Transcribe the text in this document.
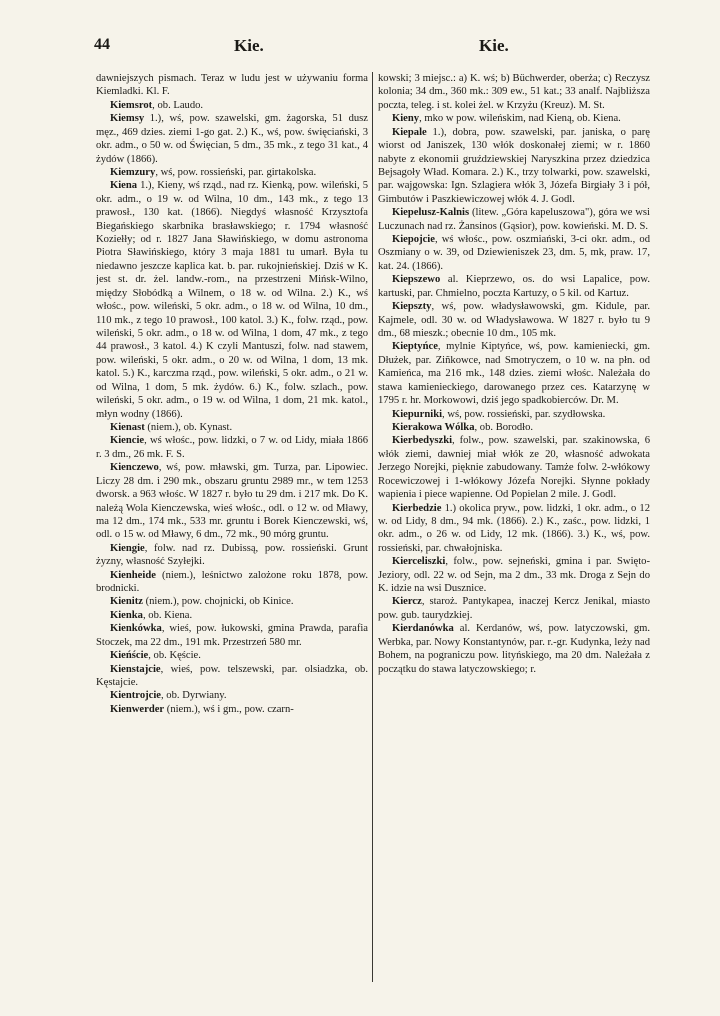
44	Kie.	Kie.

dawniejszych pismach. Teraz w ludu jest w używaniu forma Kiemladki. Kl. F.

Kiemsrot, ob. Laudo.

Kiemsy 1.), wś, pow. szawelski, gm. żagorska, 51 dusz męz., 469 dzies. ziemi 1-go gat. 2.) K., wś, pow. święciański, 3 okr. adm., o 50 w. od Święcian, 5 dm., 35 mk., z tego 31 kat., 4 żydów (1866).

Kiemzury, wś, pow. rossieński, par. girtakolska.

Kiena 1.), Kieny, wś rząd., nad rz. Kienką, pow. wileński, 5 okr. adm., o 19 w. od Wilna, 10 dm., 143 mk., z tego 13 prawosł., 130 kat. (1866). Niegdyś własność Krzysztofa Biegańskiego skarbnika brasławskiego; r. 1794 własność Koziełły; od r. 1827 Jana Sławińskiego, w domu astronoma Piotra Sławińskiego, który 3 maja 1881 tu umarł. Była tu niedawno jeszcze kaplica kat. b. par. rukojnieńskiej. Dziś w K. jest st. dr. żel. landw.-rom., na przestrzeni Mińsk-Wilno, między Słobódką a Wilnem, o 18 w. od Wilna. 2.) K., wś włośc., pow. wileński, 5 okr. adm., o 18 w. od Wilna, 10 dm., 110 mk., z tego 10 prawosł., 100 katol. 3.) K., folw. rząd., pow. wileński, 5 okr. adm., o 18 w. od Wilna, 1 dom, 47 mk., z tego 44 prawosł., 3 katol. 4.) K czyli Mantuszi, folw. nad stawem, pow. wileński, 5 okr. adm., o 20 w. od Wilna, 1 dom, 13 mk. katol. 5.) K., karczma rząd., pow. wileński, 5 okr. adm., o 21 w. od Wilna, 1 dom, 5 mk. żydów. 6.) K., folw. szlach., pow. wileński, 5 okr. adm., o 19 w. od Wilna, 1 dom, 21 mk. katol., młyn wodny (1866).

Kienast (niem.), ob. Kynast.

Kiencie, wś włośc., pow. lidzki, o 7 w. od Lidy, miała 1866 r. 3 dm., 26 mk. F. S.

Kienczewo, wś, pow. mławski, gm. Turza, par. Lipowiec. Liczy 28 dm. i 290 mk., obszaru gruntu 2989 mr., w tem 1253 dworsk. a 963 włośc. W 1827 r. było tu 29 dm. i 217 mk. Do K. należą Wola Kienczewska, wieś włośc., odl. o 12 w. od Mławy, ma 12 dm., 174 mk., 533 mr. gruntu i Borek Kienczewski, wś, odl. o 15 w. od Mławy, 6 dm., 72 mk., 90 mórg gruntu.

Kiengie, folw. nad rz. Dubissą, pow. rossieński. Grunt żyzny, własność Szyłejki.

Kienheide (niem.), leśnictwo zalożone roku 1878, pow. brodnicki.

Kienitz (niem.), pow. chojnicki, ob Kinice.

Kienka, ob. Kiena.

Kienkówka, wieś, pow. łukowski, gmina Prawda, parafia Stoczek, ma 22 dm., 191 mk. Przestrzeń 580 mr.

Kieńście, ob. Kęście.

Kienstajcie, wieś, pow. telszewski, par. olsiadzka, ob. Kęstajcie.

Kientrojcie, ob. Dyrwiany.

Kienwerder (niem.), wś i gm., pow. czarn-

kowski; 3 miejsc.: a) K. wś; b) Büchwerder, oberża; c) Reczysz kolonia; 34 dm., 360 mk.: 309 ew., 51 kat.; 33 analf. Najbliższa poczta, teleg. i st. kolei żel. w Krzyżu (Kreuz). M. St.

Kieny, mko w pow. wileńskim, nad Kieną, ob. Kiena.

Kiepale 1.), dobra, pow. szawelski, par. janiska, o parę wiorst od Janiszek, 130 włók doskonałej ziemi; w r. 1860 nabyte z ekonomii gruździewskiej Naryszkina przez dziedzica Bejsagoły Wład. Komara. 2.) K., trzy tolwarki, pow. szawelski, par. wajgowska: Ign. Szlagiera włók 3, Józefa Birgiały 3 i pół, Gimbutów i Paszkiewiczowej włók 4. J. Godl.

Kiepelusz-Kalnis (litew. „Góra kapeluszowa"), góra we wsi Luczunach nad rz. Żansinos (Gąsior), pow. kowieński. M. D. S.

Kiepojcie, wś włośc., pow. oszmiański, 3-ci okr. adm., od Oszmiany o w. 39, od Dziewieniszek 23, dm. 5, mk, praw. 17, kat. 24. (1866).

Kiepszewo al. Kieprzewo, os. do wsi Lapalice, pow. kartuski, par. Chmielno, poczta Kartuzy, o 5 kil. od Kartuz.

Kiepszty, wś, pow. władysławowski, gm. Kidule, par. Kajmele, odl. 30 w. od Władysławowa. W 1827 r. było tu 9 dm., 68 mieszk.; obecnie 10 dm., 105 mk.

Kieptyńce, mylnie Kiptyńce, wś, pow. kamieniecki, gm. Dłużek, par. Ziñkowce, nad Smotryczem, o 10 w. na płn. od Kamieńca, ma 216 mk., 148 dzies. ziemi włośc. Należała do stawa kamienieckiego, darowanego przez ces. Katarzynę w 1795 r. hr. Morkowowi, dziś jego spadkobierców. Dr. M.

Kiepurniki, wś, pow. rossieński, par. szydłowska.

Kierakowa Wólka, ob. Borodło.

Kierbedyszki, folw., pow. szawelski, par. szakinowska, 6 włók ziemi, dawniej miał włók ze 20, własność adwokata Jerzego Norejki, pięknie zabudowany. Tamże folw. 2-włókowy Rocewiczowej i 1-włókowy Józefa Norejki. Słynne pokłady wapienia i piece wapienne. Od Popielan 2 mile. J. Godl.

Kierbedzie 1.) okolica pryw., pow. lidzki, 1 okr. adm., o 12 w. od Lidy, 8 dm., 94 mk. (1866). 2.) K., zaśc., pow. lidzki, 1 okr. adm., o 26 w. od Lidy, 12 mk. (1866). 3.) K., wś, pow. rossieński, par. chwałojniska.

Kierceliszki, folw., pow. sejneński, gmina i par. Swięto-Jeziory, odl. 22 w. od Sejn, ma 2 dm., 33 mk. Droga z Sejn do K. idzie na wsi Dusznice.

Kiercz, staroż. Pantykapea, inaczej Kercz Jenikal, miasto pow. gub. taurydzkiej.

Kierdanówka al. Kerdanów, wś, pow. latyczowski, gm. Werbka, par. Nowy Konstantynów, par. r.-gr. Kudynka, leży nad Bohem, na pograniczu pow. lityńskiego, ma 20 dm. Należała z początku do stawa latyczowskiego; r.
